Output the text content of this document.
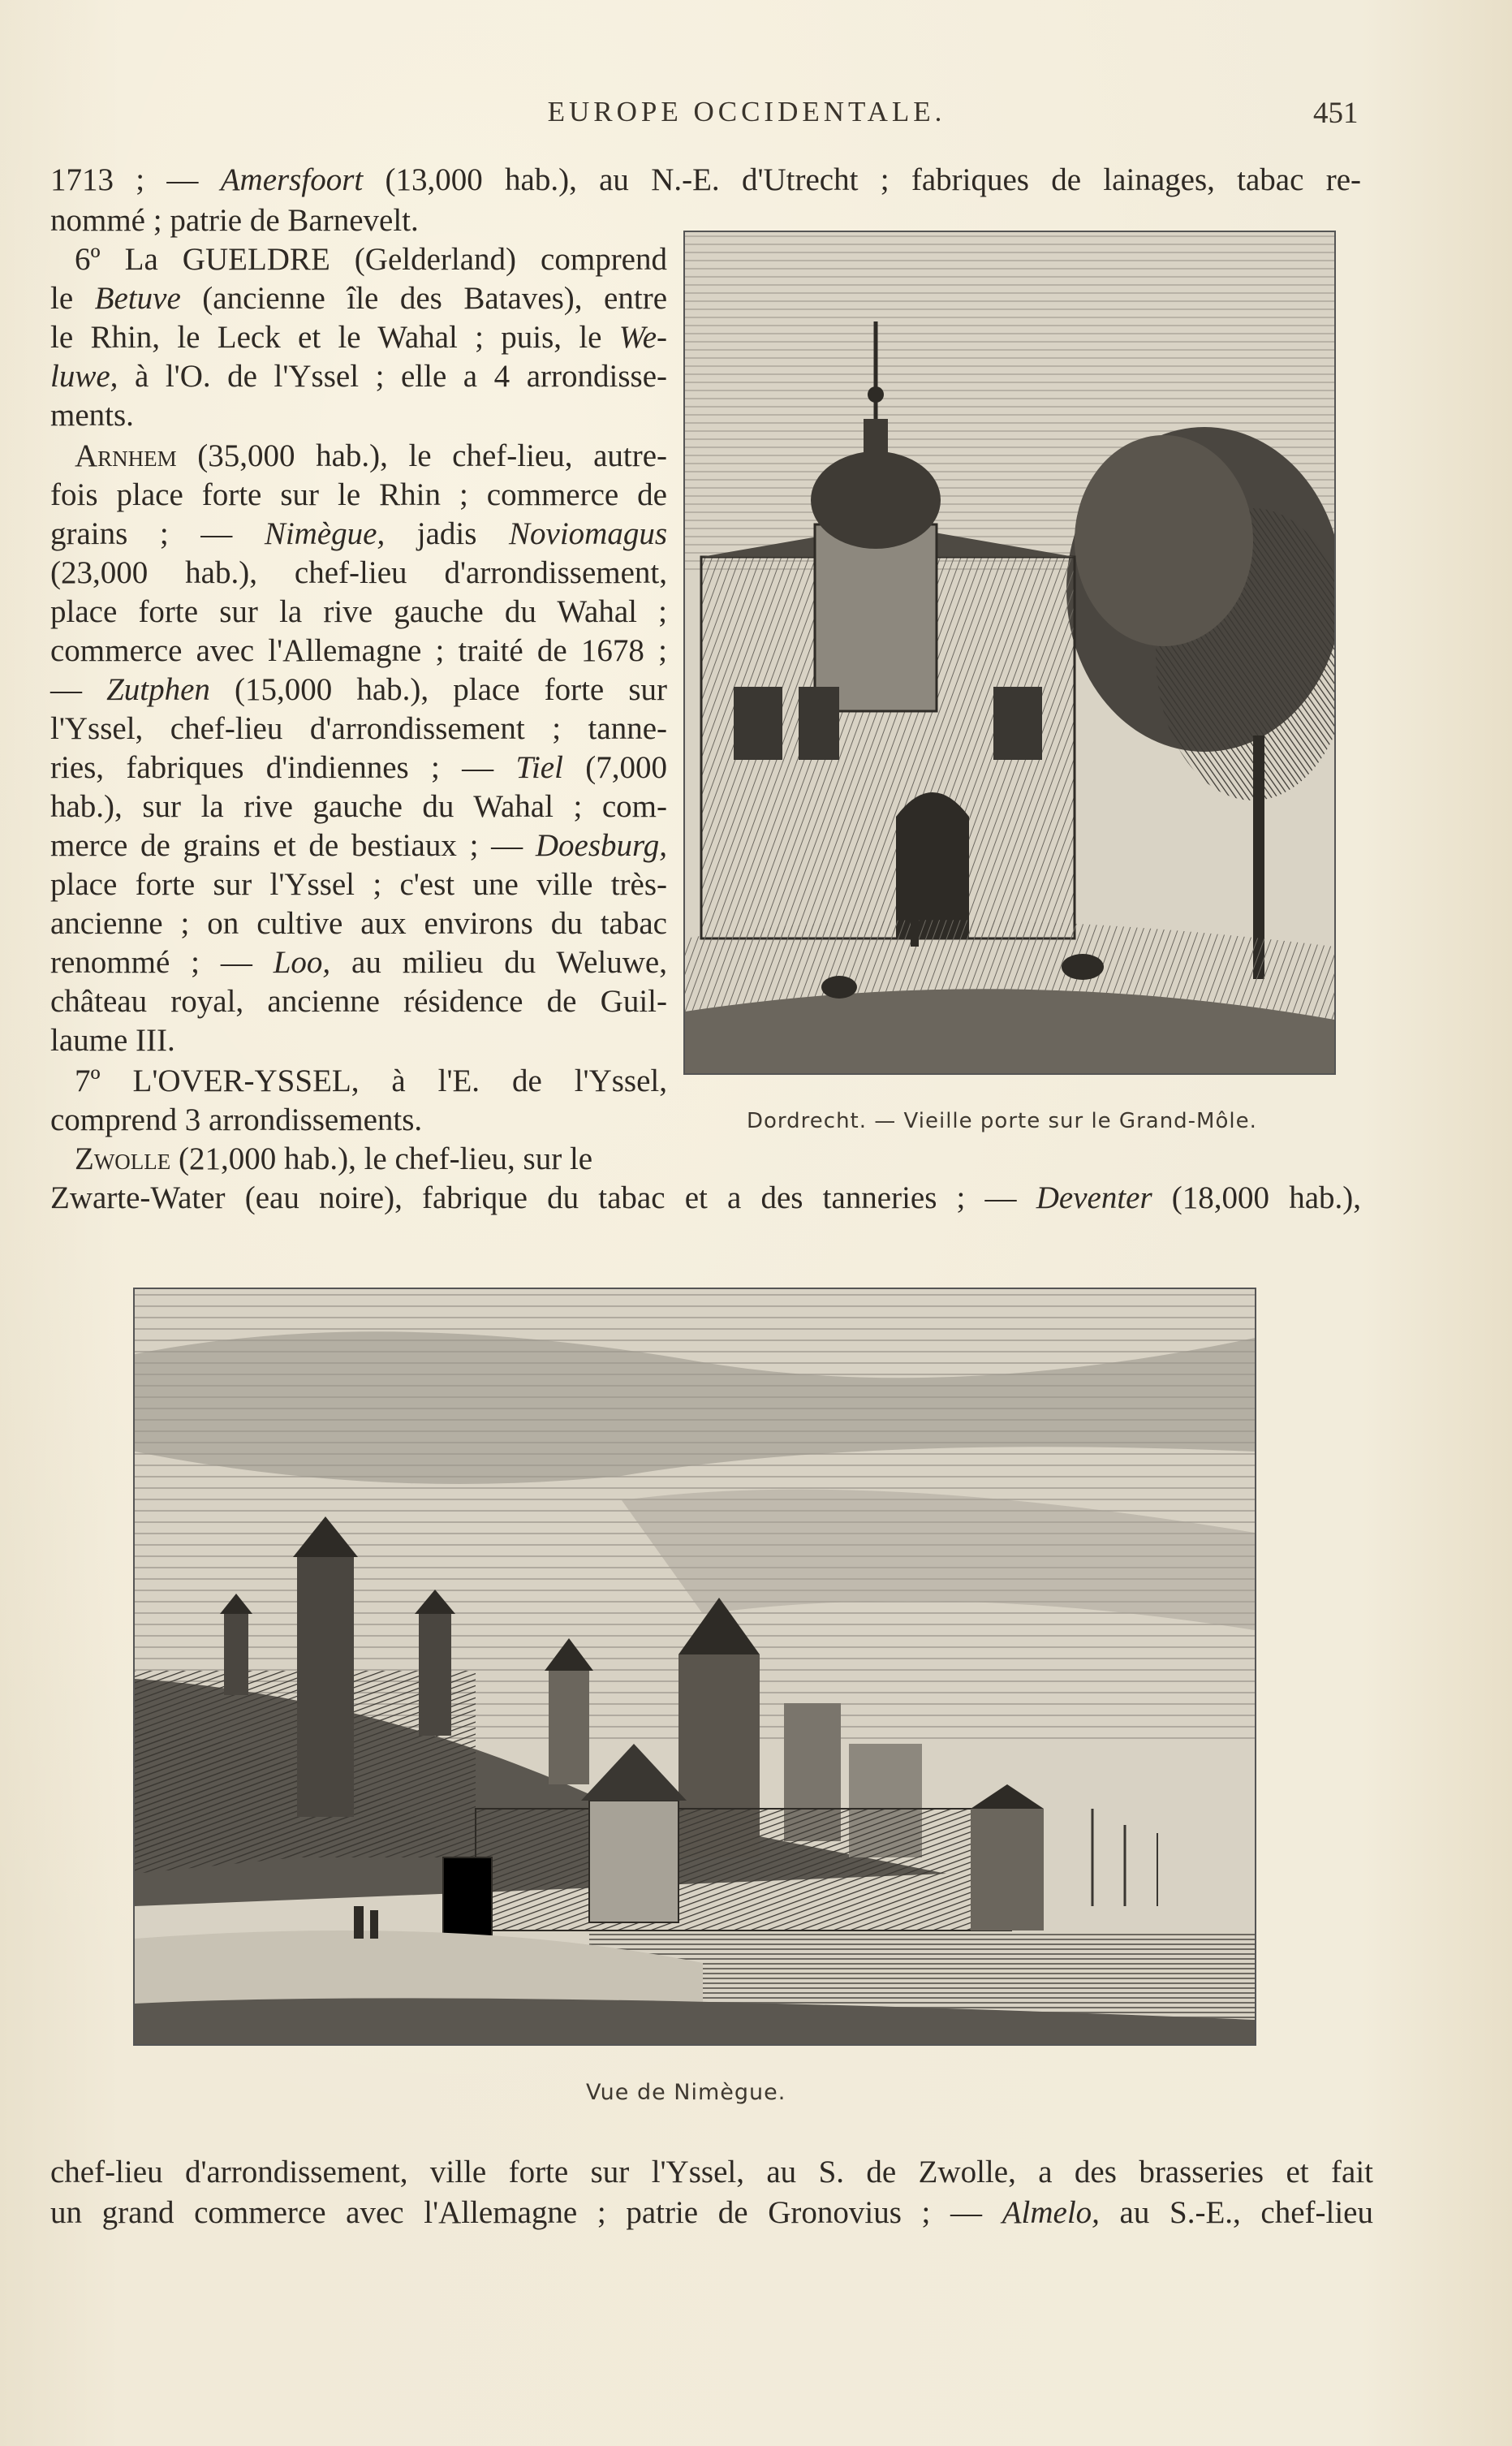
EUROPE OCCIDENTALE.	451
1713 ; — Amersfoort (13,000 hab.), au N.-E. d'Utrecht ; fabriques de lainages, tabac re-
nommé ; patrie de Barnevelt.
6º La GUELDRE (Gelderland) comprend
le Betuve (ancienne île des Bataves), entre
le Rhin, le Leck et le Wahal ; puis, le We-
luwe, à l'O. de l'Yssel ; elle a 4 arrondisse-
ments.
Arnhem (35,000 hab.), le chef-lieu, autre-
fois place forte sur le Rhin ; commerce de
grains ; — Nimègue, jadis Noviomagus
(23,000 hab.), chef-lieu d'arrondissement,
place forte sur la rive gauche du Wahal ;
commerce avec l'Allemagne ; traité de 1678 ;
— Zutphen (15,000 hab.), place forte sur
l'Yssel, chef-lieu d'arrondissement ; tanne-
ries, fabriques d'indiennes ; — Tiel (7,000
hab.), sur la rive gauche du Wahal ; com-
merce de grains et de bestiaux ; — Doesburg,
place forte sur l'Yssel ; c'est une ville très-
ancienne ; on cultive aux environs du tabac
renommé ; — Loo, au milieu du Weluwe,
château royal, ancienne résidence de Guil-
laume III.
7º L'OVER-YSSEL, à l'E. de l'Yssel,
comprend 3 arrondissements.
Zwolle (21,000 hab.), le chef-lieu, sur le
Zwarte-Water (eau noire), fabrique du tabac et a des tanneries ; — Deventer (18,000 hab.),
Dordrecht. — Vieille porte sur le Grand-Môle.
Vue de Nimègue.
chef-lieu d'arrondissement, ville forte sur l'Yssel, au S. de Zwolle, a des brasseries et fait
un grand commerce avec l'Allemagne ; patrie de Gronovius ; — Almelo, au S.-E., chef-lieu
